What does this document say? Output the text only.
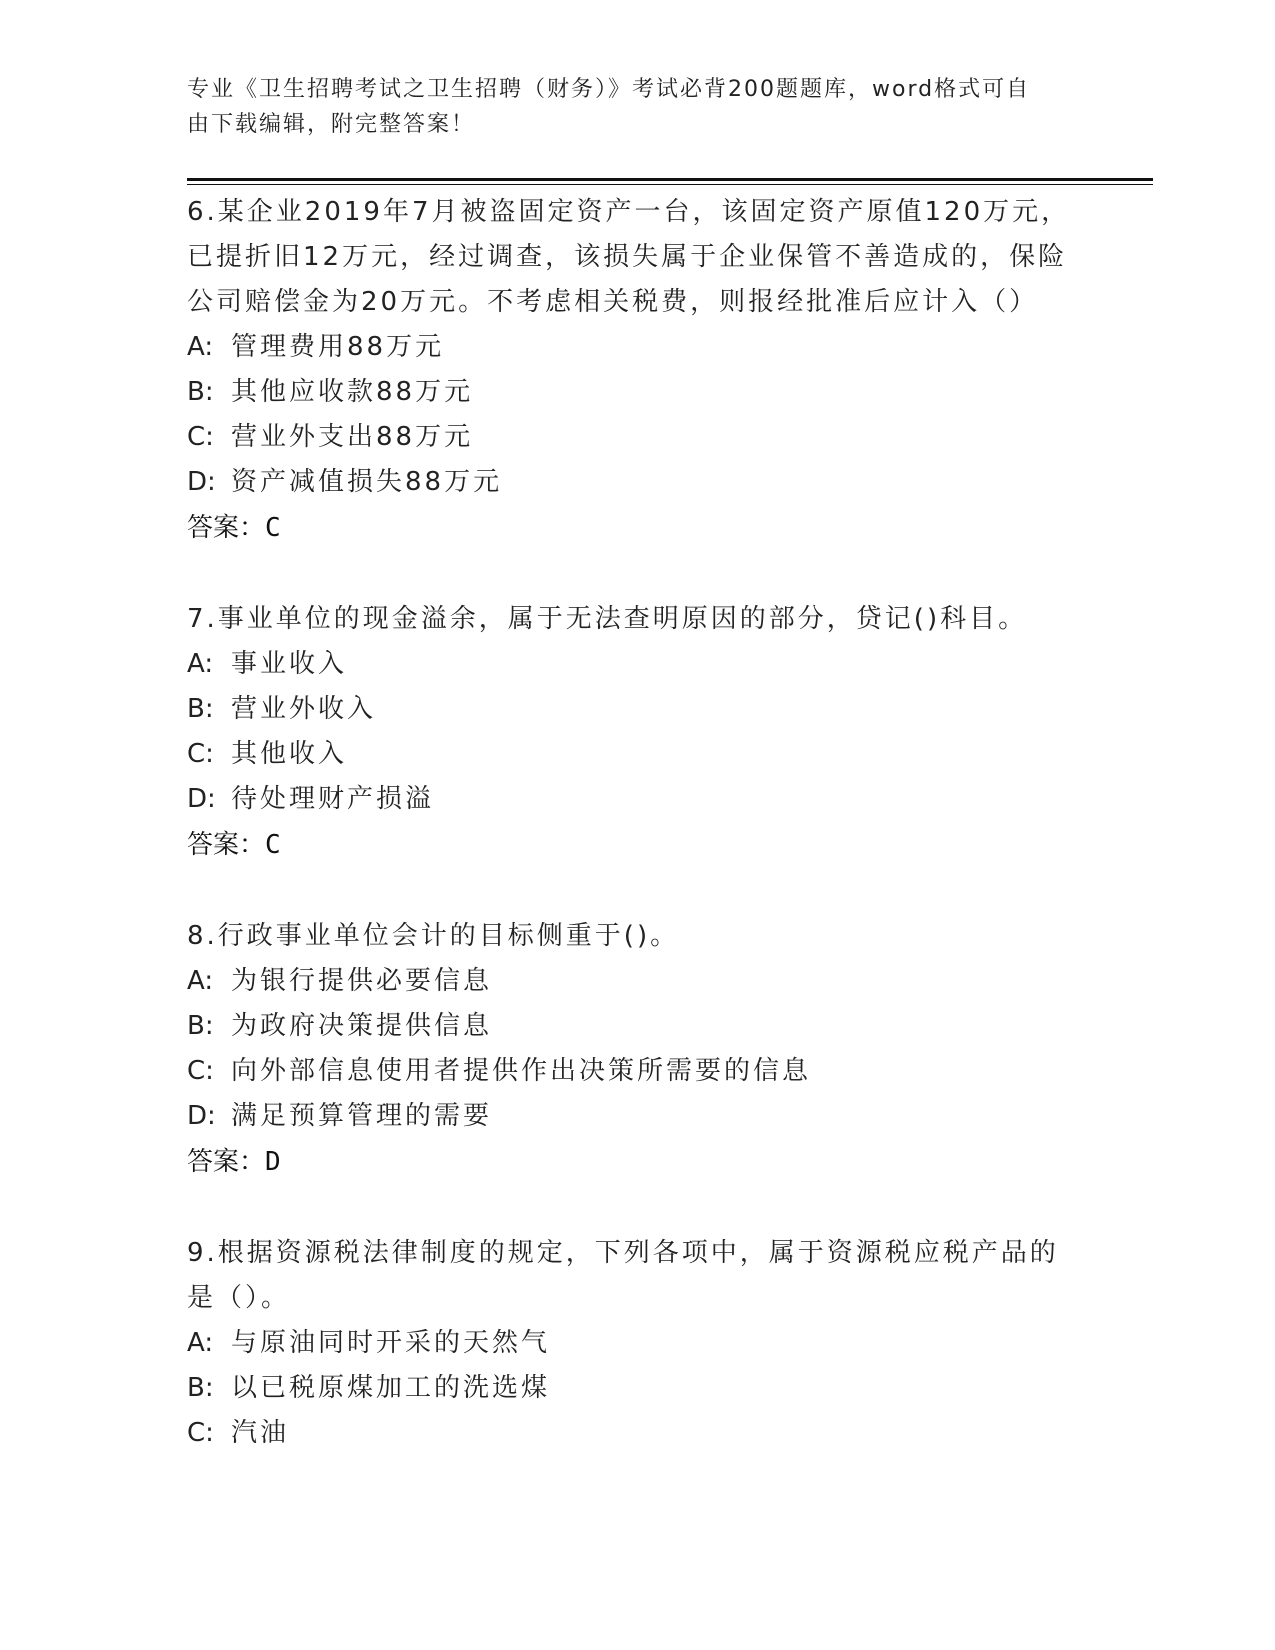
专业《卫生招聘考试之卫生招聘（财务）》考试必背200题题库，word格式可自
由下载编辑，附完整答案！

6.某企业2019年7月被盗固定资产一台，该固定资产原值120万元，

已提折旧12万元，经过调查，该损失属于企业保管不善造成的，保险

公司赔偿金为20万元。不考虑相关税费，则报经批准后应计入（）

A: 管理费用88万元

B: 其他应收款88万元

C: 营业外支出88万元

D: 资产减值损失88万元

答案：C

7.事业单位的现金溢余，属于无法查明原因的部分，贷记()科目。

A: 事业收入

B: 营业外收入

C: 其他收入

D: 待处理财产损溢

答案：C

8.行政事业单位会计的目标侧重于()。

A: 为银行提供必要信息

B: 为政府决策提供信息

C: 向外部信息使用者提供作出决策所需要的信息

D: 满足预算管理的需要

答案：D

9.根据资源税法律制度的规定，下列各项中，属于资源税应税产品的

是（）。

A: 与原油同时开采的天然气

B: 以已税原煤加工的洗选煤

C: 汽油
